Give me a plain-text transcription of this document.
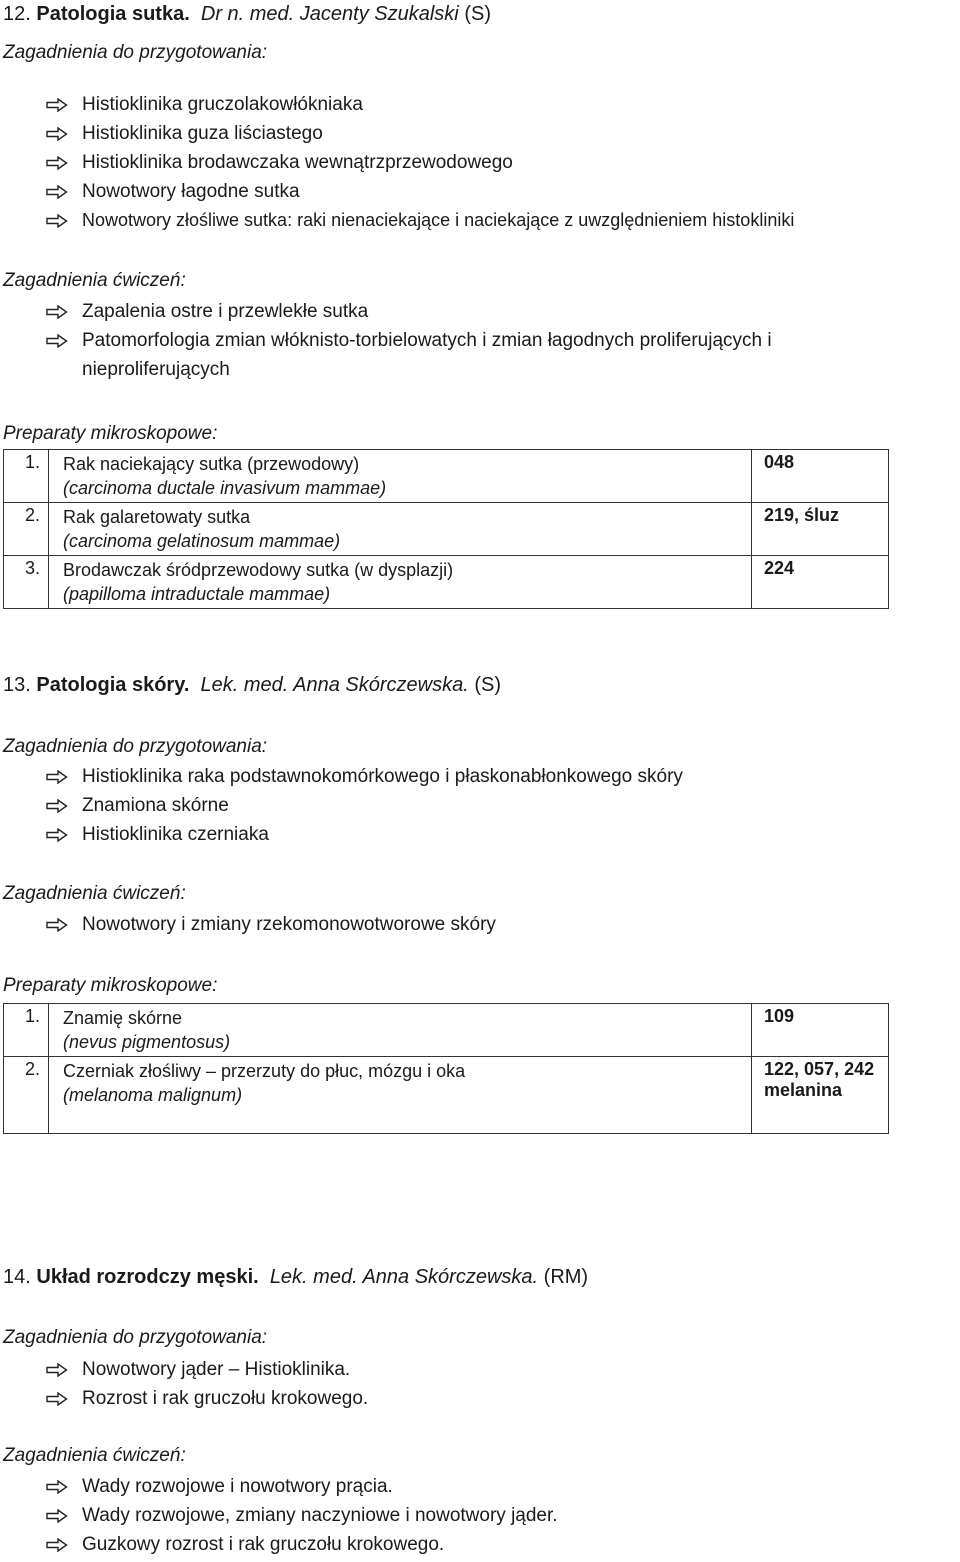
12. Patologia sutka. Dr n. med. Jacenty Szukalski (S)
Zagadnienia do przygotowania:
Histioklinika gruczolakowłókniaka
Histioklinika guza liściastego
Histioklinika brodawczaka wewnątrzprzewodowego
Nowotwory łagodne sutka
Nowotwory złośliwe sutka: raki nienaciekające i naciekające z uwzględnieniem histokliniki
Zagadnienia ćwiczeń:
Zapalenia ostre i przewlekłe sutka
Patomorfologia zmian włóknisto-torbielowatych i zmian łagodnych proliferujących i nieproliferujących
Preparaty mikroskopowe:
1.	Rak naciekający sutka (przewodowy)
(carcinoma ductale invasivum mammae)	048
2.	Rak galaretowaty sutka
(carcinoma gelatinosum mammae)	219, śluz
3.	Brodawczak śródprzewodowy sutka (w dysplazji)
(papilloma intraductale mammae)	224
13. Patologia skóry. Lek. med. Anna Skórczewska. (S)
Zagadnienia do przygotowania:
Histioklinika raka podstawnokomórkowego i płaskonabłonkowego skóry
Znamiona skórne
Histioklinika czerniaka
Zagadnienia ćwiczeń:
Nowotwory i zmiany rzekomonowotworowe skóry
Preparaty mikroskopowe:
1.	Znamię skórne
(nevus pigmentosus)	109
2.	Czerniak złośliwy – przerzuty do płuc, mózgu i oka
(melanoma malignum)	122, 057, 242 melanina
14. Układ rozrodczy męski. Lek. med. Anna Skórczewska. (RM)
Zagadnienia do przygotowania:
Nowotwory jąder – Histioklinika.
Rozrost i rak gruczołu krokowego.
Zagadnienia ćwiczeń:
Wady rozwojowe i nowotwory prącia.
Wady rozwojowe, zmiany naczyniowe i nowotwory jąder.
Guzkowy rozrost i rak gruczołu krokowego.
